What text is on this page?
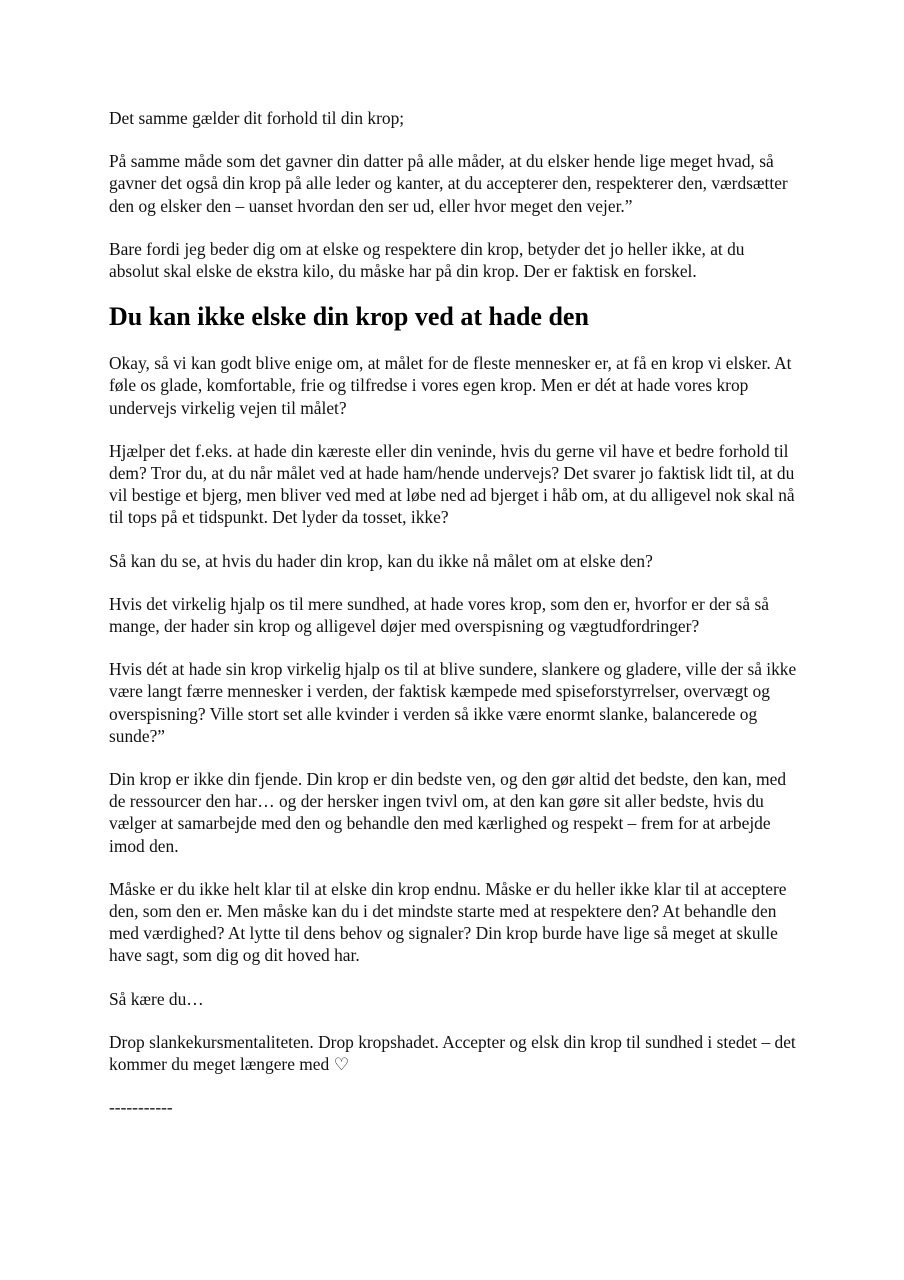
Det samme gælder dit forhold til din krop;

På samme måde som det gavner din datter på alle måder, at du elsker hende lige meget hvad, så gavner det også din krop på alle leder og kanter, at du accepterer den, respekterer den, værdsætter den og elsker den – uanset hvordan den ser ud, eller hvor meget den vejer.”

Bare fordi jeg beder dig om at elske og respektere din krop, betyder det jo heller ikke, at du absolut skal elske de ekstra kilo, du måske har på din krop. Der er faktisk en forskel.

Du kan ikke elske din krop ved at hade den

Okay, så vi kan godt blive enige om, at målet for de fleste mennesker er, at få en krop vi elsker. At føle os glade, komfortable, frie og tilfredse i vores egen krop. Men er dét at hade vores krop undervejs virkelig vejen til målet?

Hjælper det f.eks. at hade din kæreste eller din veninde, hvis du gerne vil have et bedre forhold til dem? Tror du, at du når målet ved at hade ham/hende undervejs? Det svarer jo faktisk lidt til, at du vil bestige et bjerg, men bliver ved med at løbe ned ad bjerget i håb om, at du alligevel nok skal nå til tops på et tidspunkt. Det lyder da tosset, ikke?

Så kan du se, at hvis du hader din krop, kan du ikke nå målet om at elske den?

Hvis det virkelig hjalp os til mere sundhed, at hade vores krop, som den er, hvorfor er der så så mange, der hader sin krop og alligevel døjer med overspisning og vægtudfordringer?

Hvis dét at hade sin krop virkelig hjalp os til at blive sundere, slankere og gladere, ville der så ikke være langt færre mennesker i verden, der faktisk kæmpede med spiseforstyrrelser, overvægt og overspisning? Ville stort set alle kvinder i verden så ikke være enormt slanke, balancerede og sunde?”

Din krop er ikke din fjende. Din krop er din bedste ven, og den gør altid det bedste, den kan, med de ressourcer den har… og der hersker ingen tvivl om, at den kan gøre sit aller bedste, hvis du vælger at samarbejde med den og behandle den med kærlighed og respekt – frem for at arbejde imod den.

Måske er du ikke helt klar til at elske din krop endnu. Måske er du heller ikke klar til at acceptere den, som den er. Men måske kan du i det mindste starte med at respektere den? At behandle den med værdighed? At lytte til dens behov og signaler? Din krop burde have lige så meget at skulle have sagt, som dig og dit hoved har.

Så kære du…

Drop slankekursmentaliteten. Drop kropshadet. Accepter og elsk din krop til sundhed i stedet – det kommer du meget længere med ♡

-----------
